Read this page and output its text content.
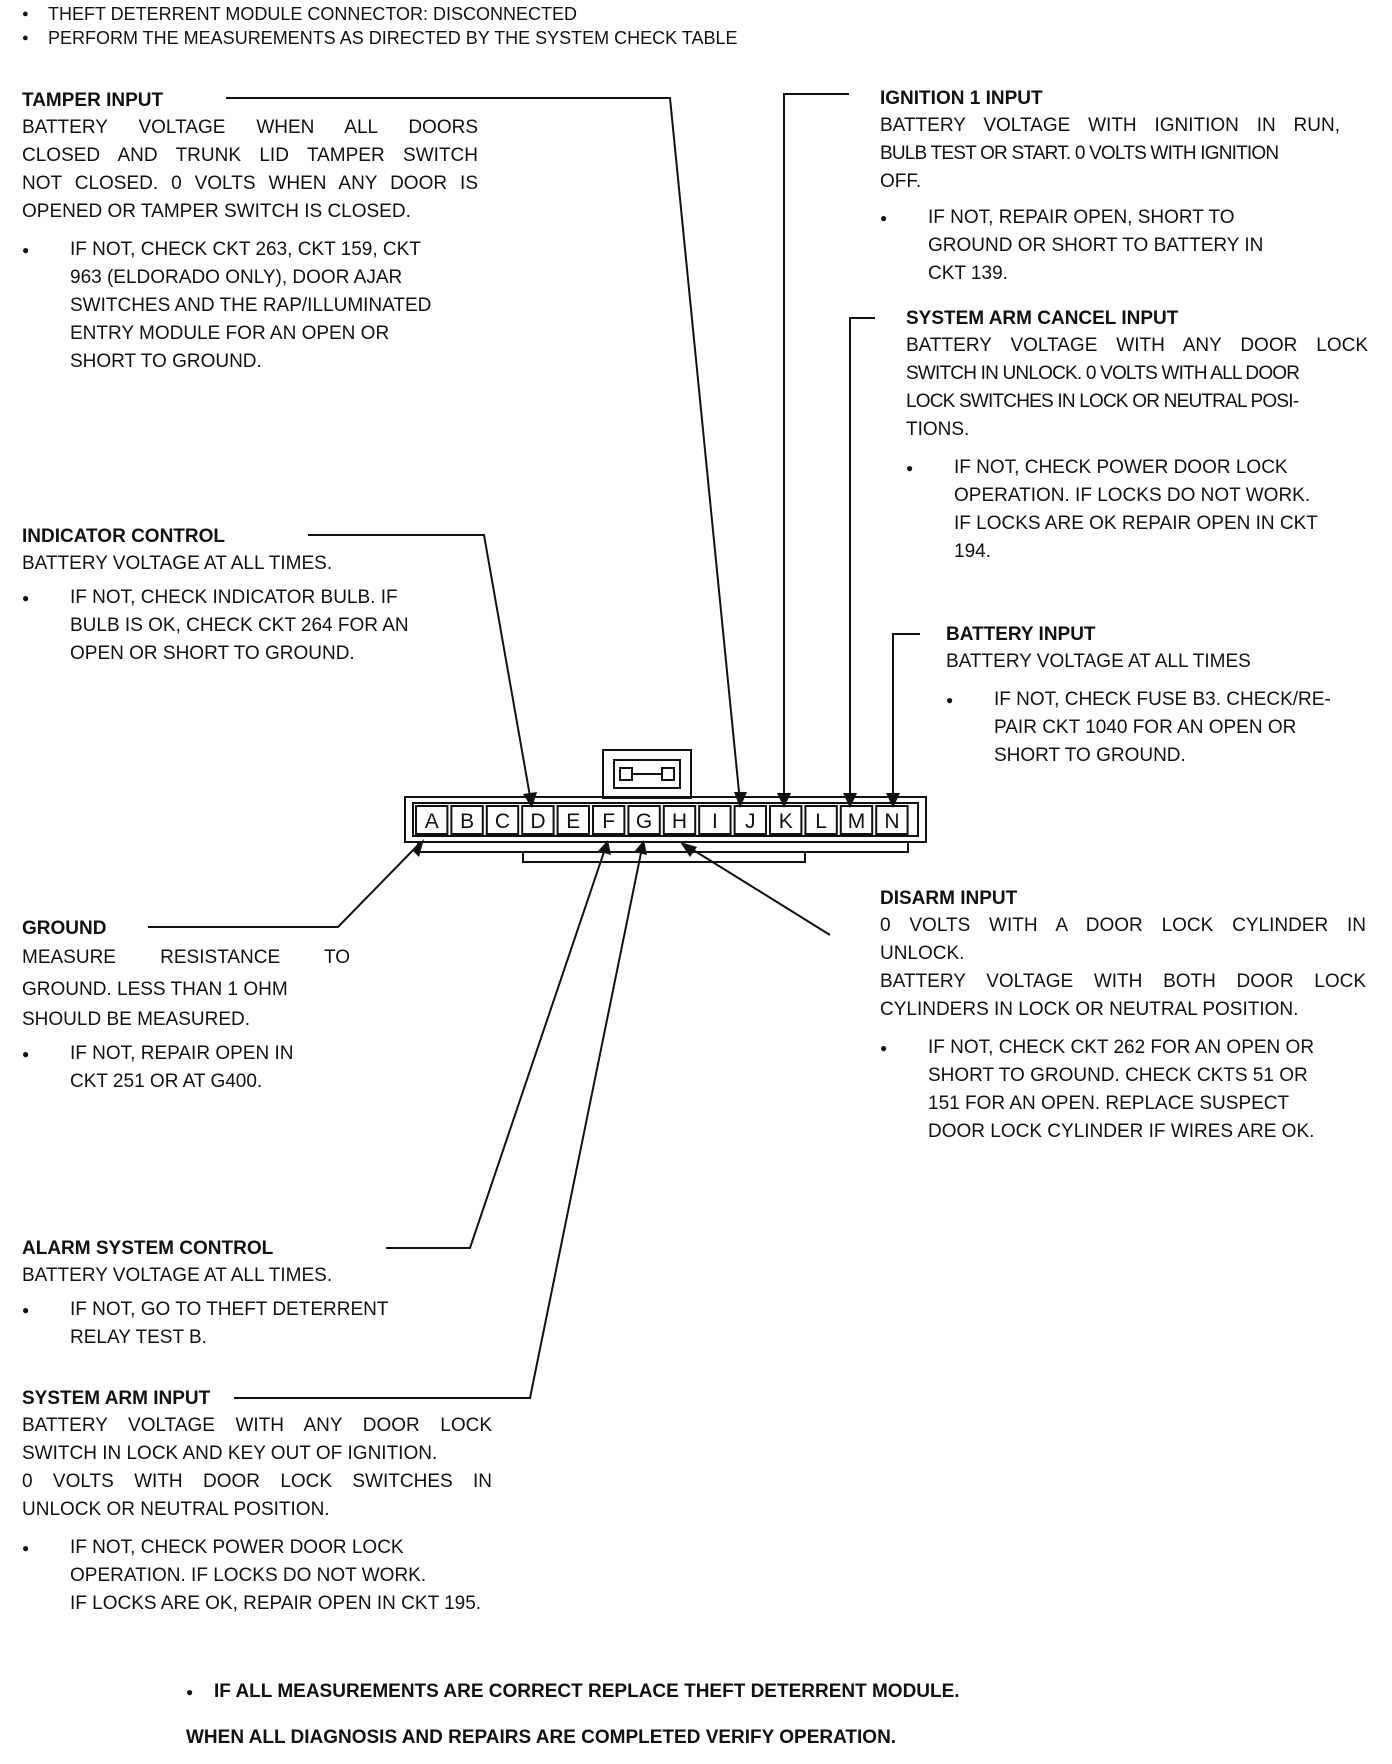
● THEFT DETERRENT MODULE CONNECTOR: DISCONNECTED
● PERFORM THE MEASUREMENTS AS DIRECTED BY THE SYSTEM CHECK TABLE
A B C D E F G H I J K L M N
TAMPER INPUT
BATTERY VOLTAGE WHEN ALL DOORS
CLOSED AND TRUNK LID TAMPER SWITCH
NOT CLOSED. 0 VOLTS WHEN ANY DOOR IS
OPENED OR TAMPER SWITCH IS CLOSED.
● IF NOT, CHECK CKT 263, CKT 159, CKT
963 (ELDORADO ONLY), DOOR AJAR
SWITCHES AND THE RAP/ILLUMINATED
ENTRY MODULE FOR AN OPEN OR
SHORT TO GROUND.
INDICATOR CONTROL
BATTERY VOLTAGE AT ALL TIMES.
● IF NOT, CHECK INDICATOR BULB. IF
BULB IS OK, CHECK CKT 264 FOR AN
OPEN OR SHORT TO GROUND.
GROUND
MEASURE RESISTANCE TO
GROUND. LESS THAN 1 OHM
SHOULD BE MEASURED.
● IF NOT, REPAIR OPEN IN
CKT 251 OR AT G400.
ALARM SYSTEM CONTROL
BATTERY VOLTAGE AT ALL TIMES.
● IF NOT, GO TO THEFT DETERRENT
RELAY TEST B.
SYSTEM ARM INPUT
BATTERY VOLTAGE WITH ANY DOOR LOCK
SWITCH IN LOCK AND KEY OUT OF IGNITION.
0 VOLTS WITH DOOR LOCK SWITCHES IN
UNLOCK OR NEUTRAL POSITION.
● IF NOT, CHECK POWER DOOR LOCK
OPERATION. IF LOCKS DO NOT WORK.
IF LOCKS ARE OK, REPAIR OPEN IN CKT 195.
IGNITION 1 INPUT
BATTERY VOLTAGE WITH IGNITION IN RUN,
BULB TEST OR START. 0 VOLTS WITH IGNITION
OFF.
● IF NOT, REPAIR OPEN, SHORT TO
GROUND OR SHORT TO BATTERY IN
CKT 139.
SYSTEM ARM CANCEL INPUT
BATTERY VOLTAGE WITH ANY DOOR LOCK
SWITCH IN UNLOCK. 0 VOLTS WITH ALL DOOR
LOCK SWITCHES IN LOCK OR NEUTRAL POSI-
TIONS.
● IF NOT, CHECK POWER DOOR LOCK
OPERATION. IF LOCKS DO NOT WORK.
IF LOCKS ARE OK REPAIR OPEN IN CKT
194.
BATTERY INPUT
BATTERY VOLTAGE AT ALL TIMES
● IF NOT, CHECK FUSE B3. CHECK/RE-
PAIR CKT 1040 FOR AN OPEN OR
SHORT TO GROUND.
DISARM INPUT
0 VOLTS WITH A DOOR LOCK CYLINDER IN
UNLOCK.
BATTERY VOLTAGE WITH BOTH DOOR LOCK
CYLINDERS IN LOCK OR NEUTRAL POSITION.
● IF NOT, CHECK CKT 262 FOR AN OPEN OR
SHORT TO GROUND. CHECK CKTS 51 OR
151 FOR AN OPEN. REPLACE SUSPECT
DOOR LOCK CYLINDER IF WIRES ARE OK.
● IF ALL MEASUREMENTS ARE CORRECT REPLACE THEFT DETERRENT MODULE.
WHEN ALL DIAGNOSIS AND REPAIRS ARE COMPLETED VERIFY OPERATION.
